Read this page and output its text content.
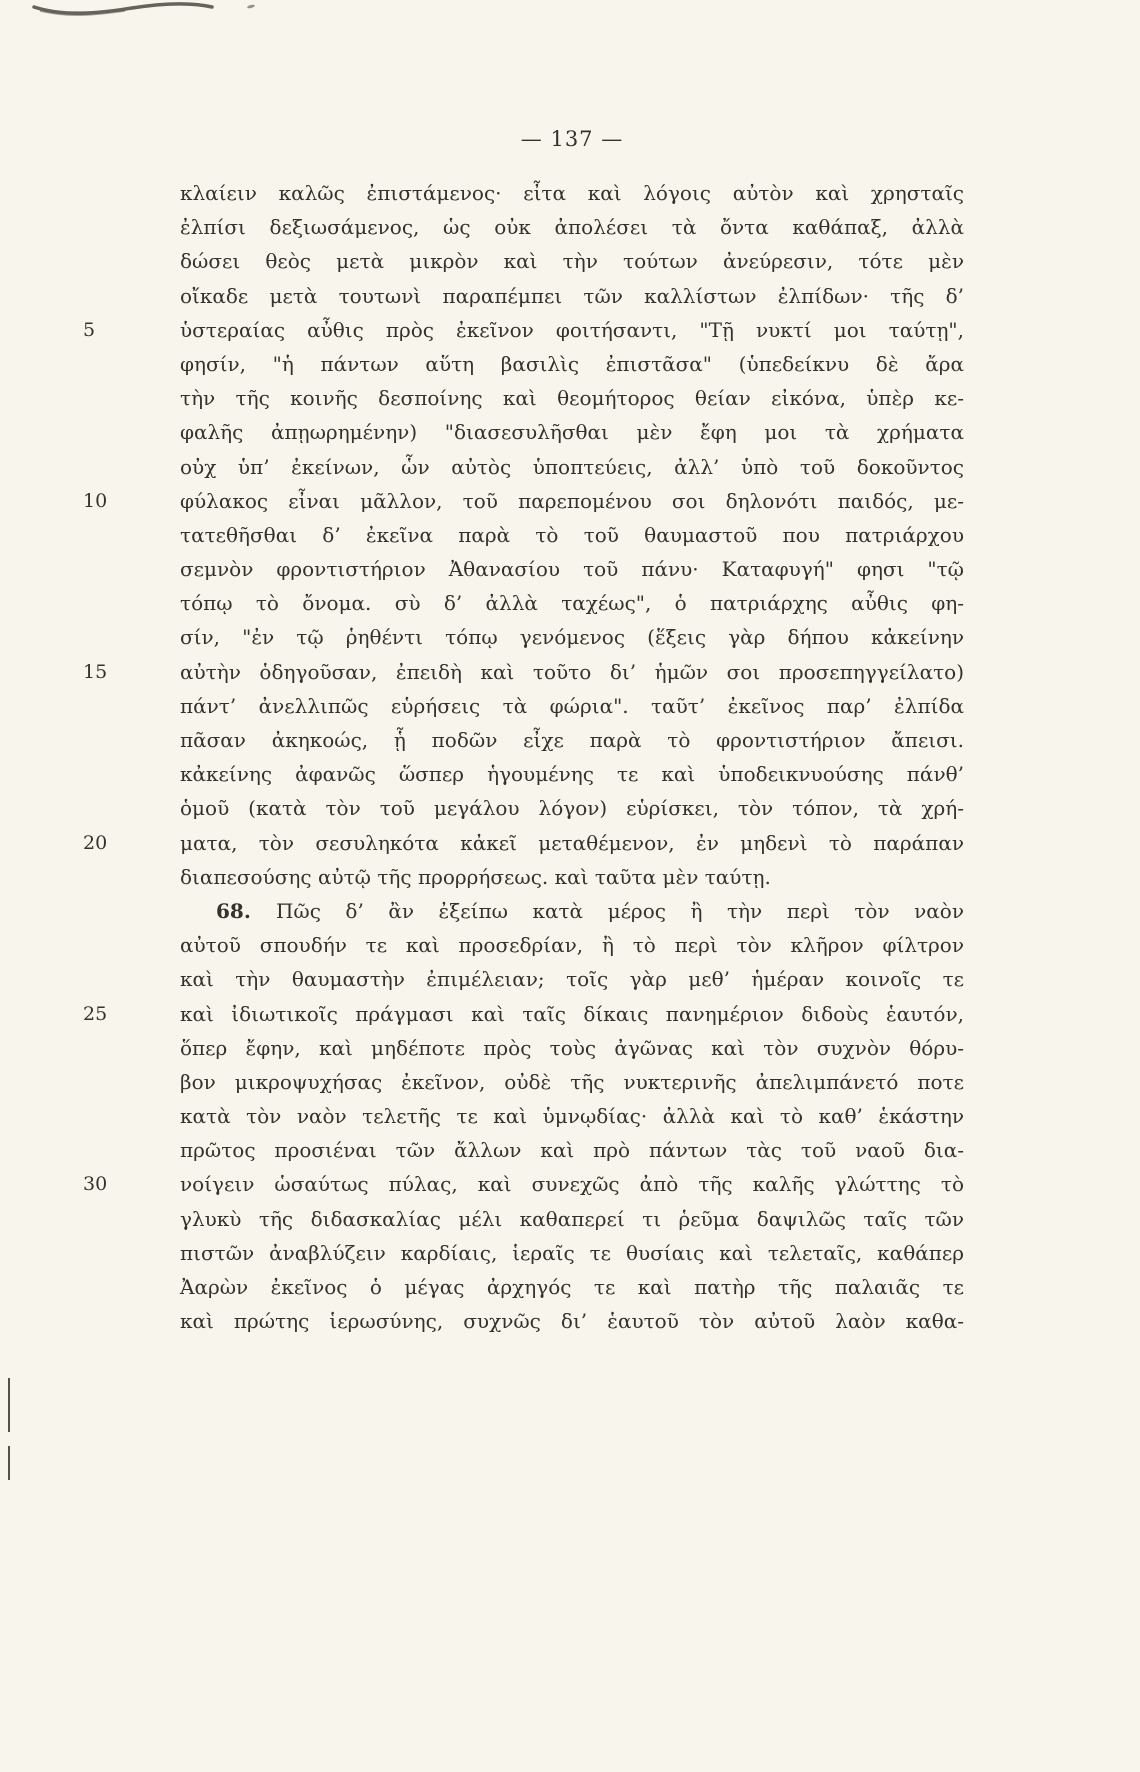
— 137 —
κλαίειν καλῶς ἐπιστάμενος· εἶτα καὶ λόγοις αὐτὸν καὶ χρησταῖς
ἐλπίσι δεξιωσάμενος, ὡς οὐκ ἀπολέσει τὰ ὄντα καθάπαξ, ἀλλὰ
δώσει θεὸς μετὰ μικρὸν καὶ τὴν τούτων ἀνεύρεσιν, τότε μὲν
οἴκαδε μετὰ τουτωνὶ παραπέμπει τῶν καλλίστων ἐλπίδων· τῆς δ’
5	ὑστεραίας αὖθις πρὸς ἐκεῖνον φοιτήσαντι, "Τῇ νυκτί μοι ταύτῃ",
φησίν, "ἡ πάντων αὕτη βασιλὶς ἐπιστᾶσα" (ὑπεδείκνυ δὲ ἄρα
τὴν τῆς κοινῆς δεσποίνης καὶ θεομήτορος θείαν εἰκόνα, ὑπὲρ κε-
φαλῆς ἀπῃωρημένην) "διασεσυλῆσθαι μὲν ἔφη μοι τὰ χρήματα
οὐχ ὑπ’ ἐκείνων, ὧν αὐτὸς ὑποπτεύεις, ἀλλ’ ὑπὸ τοῦ δοκοῦντος
10	φύλακος εἶναι μᾶλλον, τοῦ παρεπομένου σοι δηλονότι παιδός, με-
τατεθῆσθαι δ’ ἐκεῖνα παρὰ τὸ τοῦ θαυμαστοῦ που πατριάρχου
σεμνὸν φροντιστήριον Ἀθανασίου τοῦ πάνυ· Καταφυγή" φησι "τῷ
τόπῳ τὸ ὄνομα. σὺ δ’ ἀλλὰ ταχέως", ὁ πατριάρχης αὖθις φη-
σίν, "ἐν τῷ ῥηθέντι τόπῳ γενόμενος (ἕξεις γὰρ δήπου κἀκείνην
15	αὐτὴν ὁδηγοῦσαν, ἐπειδὴ καὶ τοῦτο δι’ ἡμῶν σοι προσεπηγγείλατο)
πάντ’ ἀνελλιπῶς εὑρήσεις τὰ φώρια". ταῦτ’ ἐκεῖνος παρ’ ἐλπίδα
πᾶσαν ἀκηκοώς, ᾗ ποδῶν εἶχε παρὰ τὸ φροντιστήριον ἄπεισι.
κἀκείνης ἀφανῶς ὥσπερ ἡγουμένης τε καὶ ὑποδεικνυούσης πάνθ’
ὁμοῦ (κατὰ τὸν τοῦ μεγάλου λόγον) εὑρίσκει, τὸν τόπον, τὰ χρή-
20	ματα, τὸν σεσυληκότα κἀκεῖ μεταθέμενον, ἐν μηδενὶ τὸ παράπαν
διαπεσούσης αὐτῷ τῆς προρρήσεως. καὶ ταῦτα μὲν ταύτῃ.
68. Πῶς δ’ ἂν ἐξείπω κατὰ μέρος ἢ τὴν περὶ τὸν ναὸν
αὐτοῦ σπουδήν τε καὶ προσεδρίαν, ἢ τὸ περὶ τὸν κλῆρον φίλτρον
καὶ τὴν θαυμαστὴν ἐπιμέλειαν; τοῖς γὰρ μεθ’ ἡμέραν κοινοῖς τε
25	καὶ ἰδιωτικοῖς πράγμασι καὶ ταῖς δίκαις πανημέριον διδοὺς ἑαυτόν,
ὅπερ ἔφην, καὶ μηδέποτε πρὸς τοὺς ἀγῶνας καὶ τὸν συχνὸν θόρυ-
βον μικροψυχήσας ἐκεῖνον, οὐδὲ τῆς νυκτερινῆς ἀπελιμπάνετό ποτε
κατὰ τὸν ναὸν τελετῆς τε καὶ ὑμνῳδίας· ἀλλὰ καὶ τὸ καθ’ ἑκάστην
πρῶτος προσιέναι τῶν ἄλλων καὶ πρὸ πάντων τὰς τοῦ ναοῦ δια-
30	νοίγειν ὡσαύτως πύλας, καὶ συνεχῶς ἀπὸ τῆς καλῆς γλώττης τὸ
γλυκὺ τῆς διδασκαλίας μέλι καθαπερεί τι ῥεῦμα δαψιλῶς ταῖς τῶν
πιστῶν ἀναβλύζειν καρδίαις, ἱεραῖς τε θυσίαις καὶ τελεταῖς, καθάπερ
Ἀαρὼν ἐκεῖνος ὁ μέγας ἀρχηγός τε καὶ πατὴρ τῆς παλαιᾶς τε
καὶ πρώτης ἱερωσύνης, συχνῶς δι’ ἑαυτοῦ τὸν αὐτοῦ λαὸν καθα-
